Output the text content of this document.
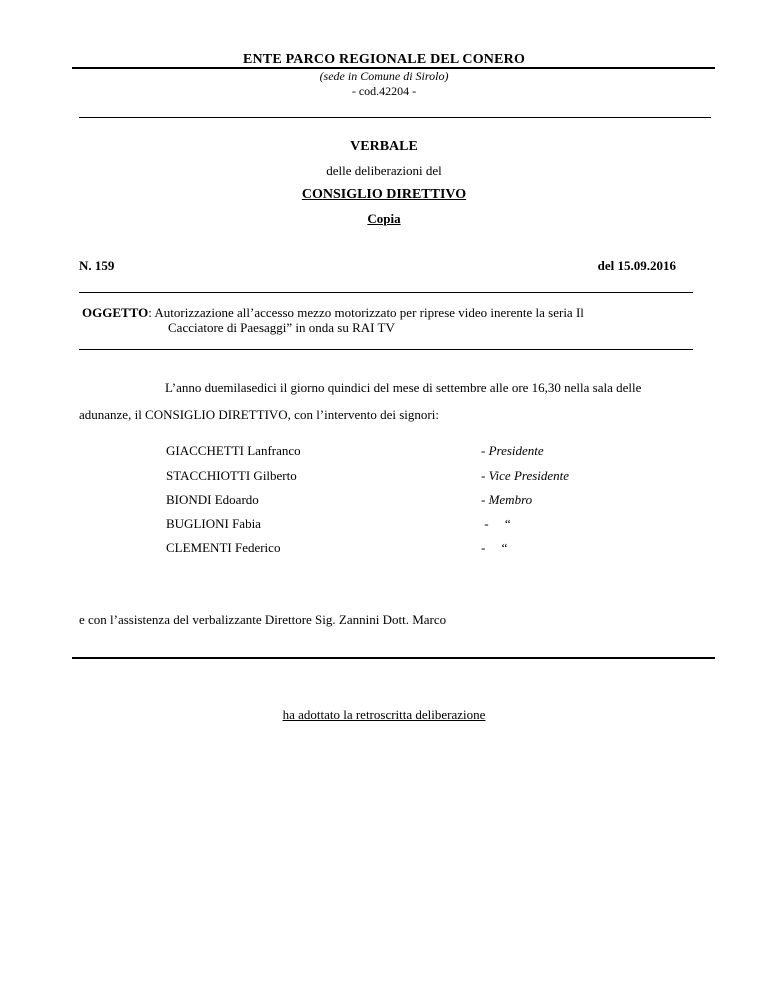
ENTE PARCO REGIONALE DEL CONERO
(sede in Comune di Sirolo)
- cod.42204 -
VERBALE
delle deliberazioni del
CONSIGLIO DIRETTIVO
Copia
N. 159	del 15.09.2016
OGGETTO: Autorizzazione all’accesso mezzo motorizzato per riprese video inerente la seria Il
Cacciatore di Paesaggi” in onda su RAI TV
L’anno duemilasedici il giorno quindici del mese di settembre alle ore 16,30 nella sala delle
adunanze, il CONSIGLIO DIRETTIVO, con l’intervento dei signori:
GIACCHETTI Lanfranco	- Presidente
STACCHIOTTI Gilberto	- Vice Presidente
BIONDI Edoardo	- Membro
BUGLIONI Fabia	-     “
CLEMENTI Federico	-     “
e con l’assistenza del verbalizzante Direttore Sig. Zannini Dott. Marco
ha adottato la retroscritta deliberazione
